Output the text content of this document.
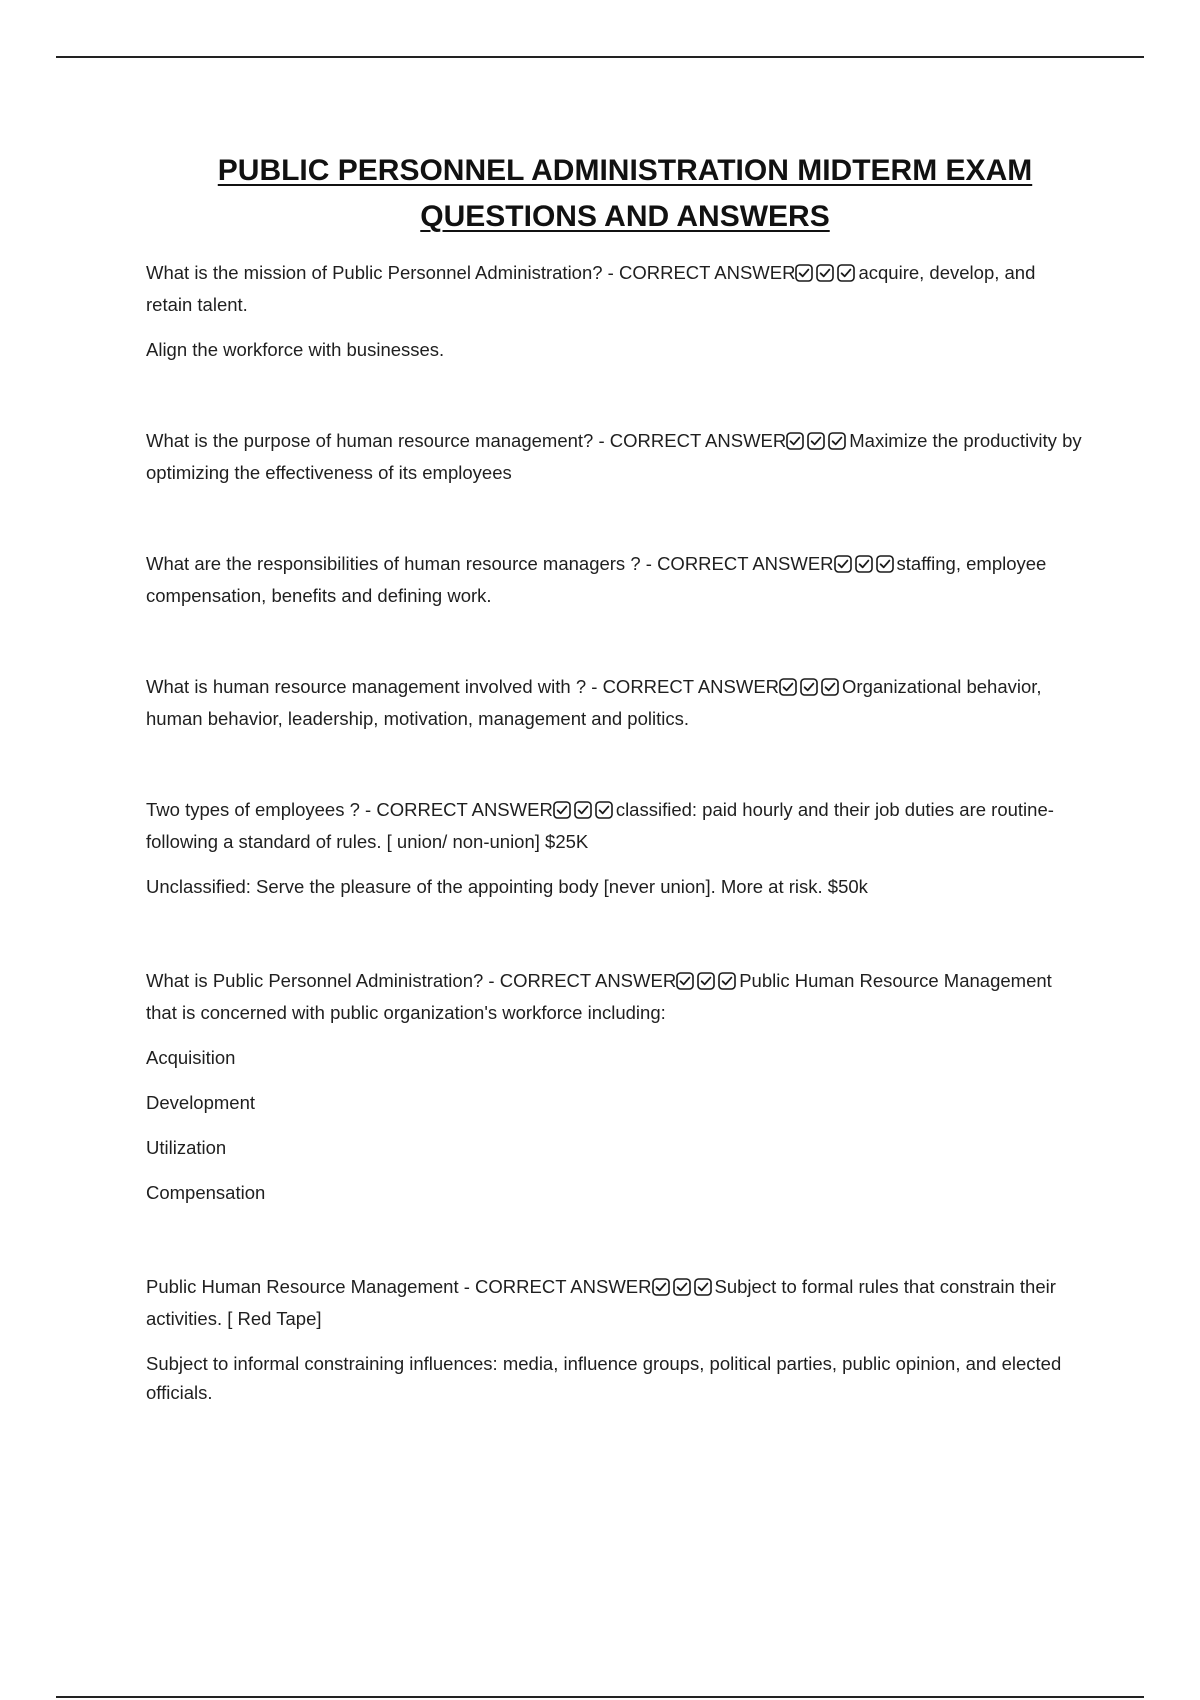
PUBLIC PERSONNEL ADMINISTRATION MIDTERM EXAM
QUESTIONS AND ANSWERS

What is the mission of Public Personnel Administration? - CORRECT ANSWER	acquire, develop, and retain talent.

Align the workforce with businesses.

What is the purpose of human resource management? - CORRECT ANSWER	Maximize the productivity by optimizing the effectiveness of its employees

What are the responsibilities of human resource managers ? - CORRECT ANSWER	staffing, employee compensation, benefits and defining work.

What is human resource management involved with ? - CORRECT ANSWER	Organizational behavior, human behavior, leadership, motivation, management and politics.

Two types of employees ? - CORRECT ANSWER	classified: paid hourly and their job duties are routine- following a standard of rules. [ union/ non-union] $25K

Unclassified: Serve the pleasure of the appointing body [never union]. More at risk. $50k

What is Public Personnel Administration? - CORRECT ANSWER	Public Human Resource Management that is concerned with public organization's workforce including:

Acquisition

Development

Utilization

Compensation

Public Human Resource Management - CORRECT ANSWER	Subject to formal rules that constrain their activities. [ Red Tape]

Subject to informal constraining influences: media, influence groups, political parties, public opinion, and elected officials.
